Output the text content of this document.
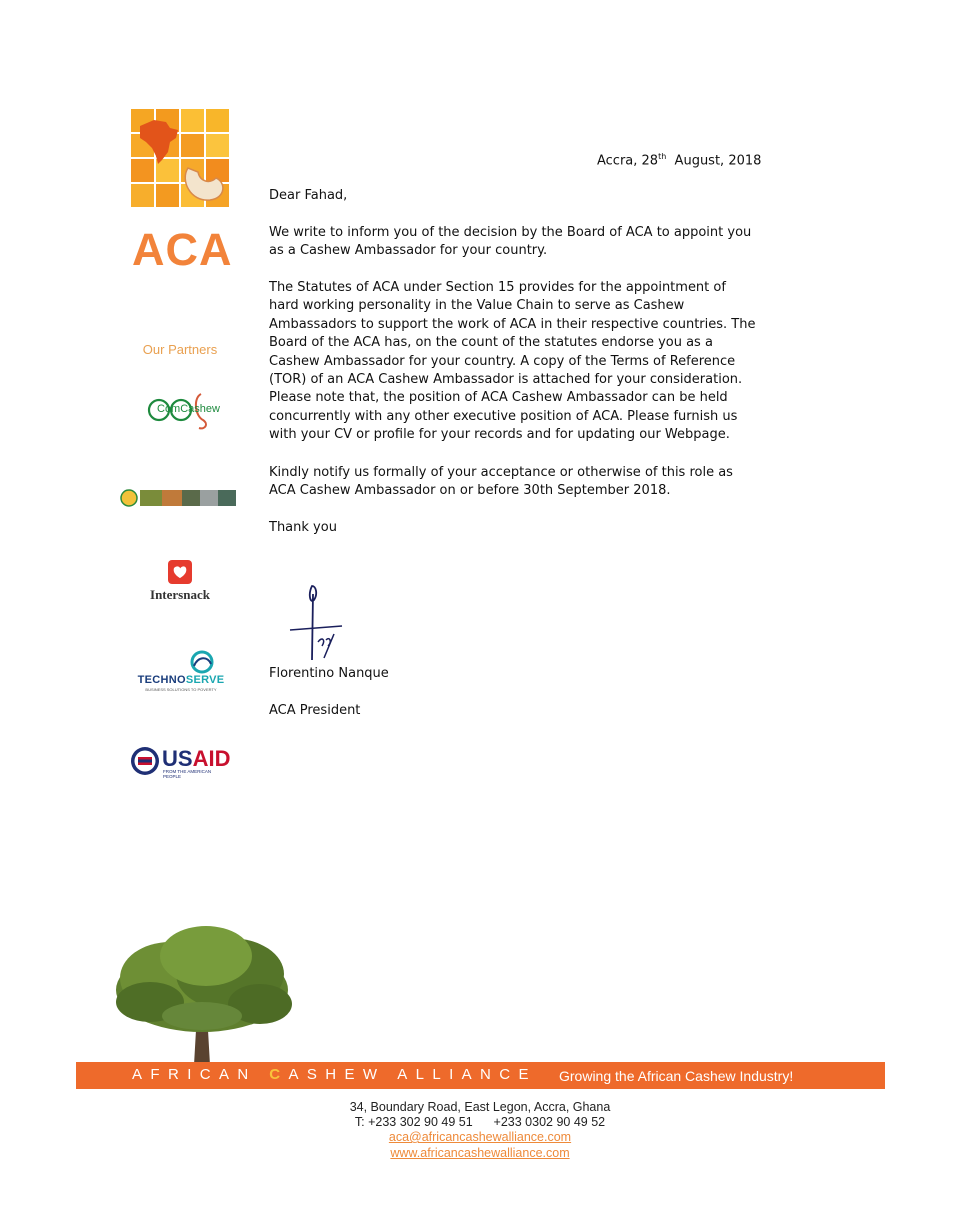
ACA
Our Partners
ComCashew
Intersnack
TECHNOSERVE
BUSINESS SOLUTIONS TO POVERTY
USAID
FROM THE AMERICAN PEOPLE
Accra, 28th  August, 2018

Dear Fahad,

We write to inform you of the decision by the Board of ACA to appoint you as a Cashew Ambassador for your country.

The Statutes of ACA under Section 15 provides for the appointment of hard working personality in the Value Chain to serve as Cashew Ambassadors to support the work of ACA in their respective countries. The Board of the ACA has, on the count of the statutes endorse you as a Cashew Ambassador for your country. A copy of the Terms of Reference (TOR) of an ACA Cashew Ambassador is attached for your consideration. Please note that, the position of ACA Cashew Ambassador can be held concurrently with any other executive position of ACA. Please furnish us with your CV or profile for your records and for updating our Webpage.

Kindly notify us formally of your acceptance or otherwise of this role as ACA Cashew Ambassador on or before 30th September 2018.

Thank you

Florentino Nanque

ACA President

AFRICAN CASHEW ALLIANCE Growing the African Cashew Industry!
34, Boundary Road, East Legon, Accra, Ghana
T: +233 302 90 49 51      +233 0302 90 49 52
aca@africancashewalliance.com
www.africancashewalliance.com
